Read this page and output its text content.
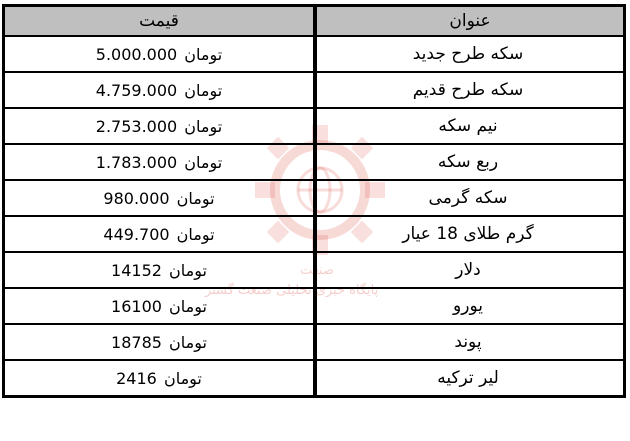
صنعت
پایگاه خبری تحلیلی صنعت گستر
قیمت	عنوان
5.000.000 تومان	سکه طرح جدید
4.759.000 تومان	سکه طرح قدیم
2.753.000 تومان	نیم سکه
1.783.000 تومان	ربع سکه
980.000 تومان	سکه گرمی
449.700 تومان	گرم طلای 18 عیار
14152 تومان	دلار
16100 تومان	یورو
18785 تومان	پوند
2416 تومان	لیر ترکیه
